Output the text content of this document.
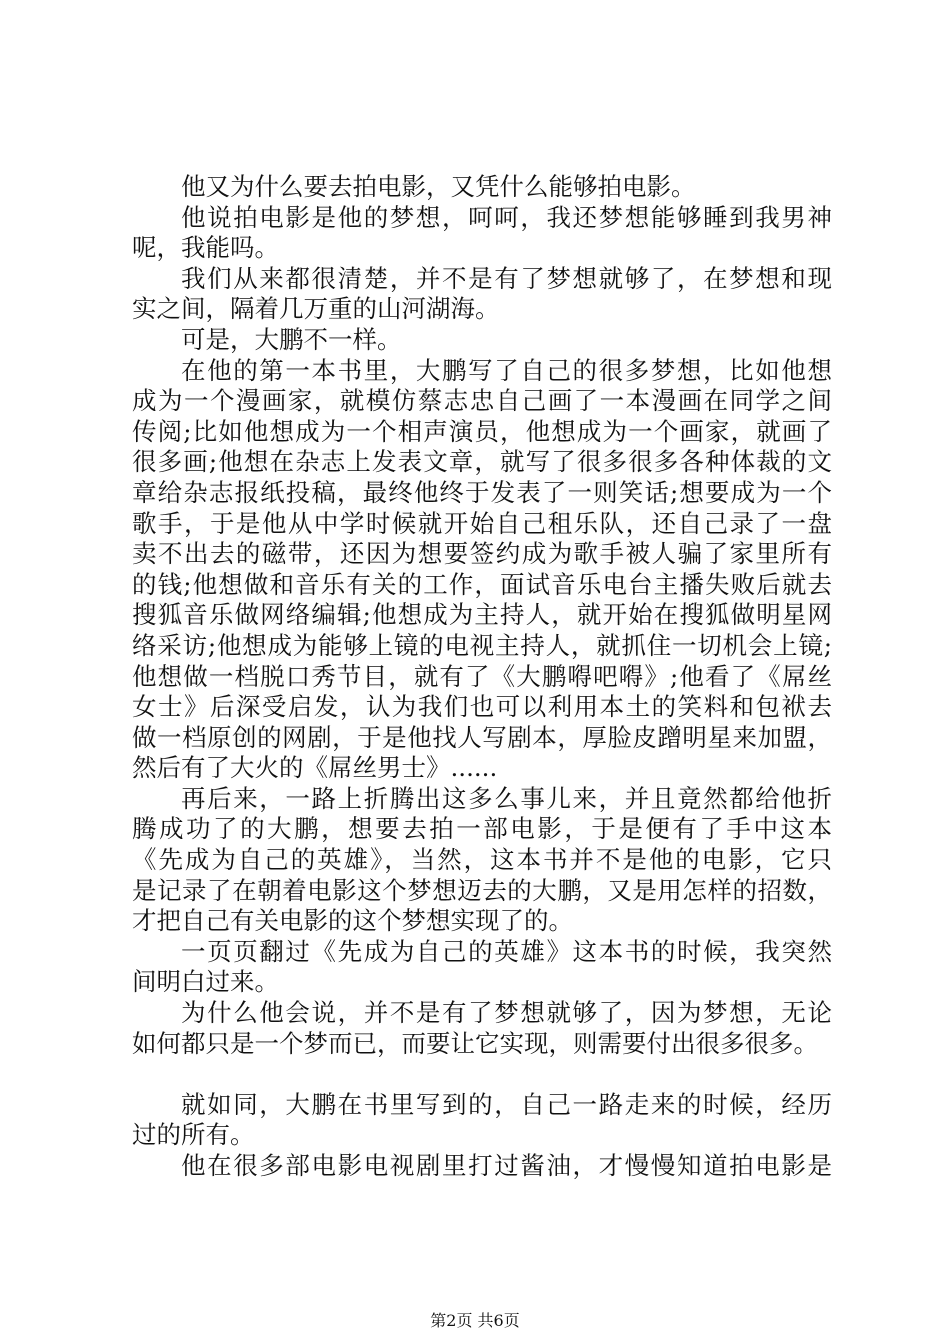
他又为什么要去拍电影，又凭什么能够拍电影。
他说拍电影是他的梦想，呵呵，我还梦想能够睡到我男神
呢，我能吗。
我们从来都很清楚，并不是有了梦想就够了，在梦想和现
实之间，隔着几万重的山河湖海。
可是，大鹏不一样。
在他的第一本书里，大鹏写了自己的很多梦想，比如他想
成为一个漫画家，就模仿蔡志忠自己画了一本漫画在同学之间
传阅;比如他想成为一个相声演员，他想成为一个画家，就画了
很多画;他想在杂志上发表文章，就写了很多很多各种体裁的文
章给杂志报纸投稿，最终他终于发表了一则笑话;想要成为一个
歌手，于是他从中学时候就开始自己租乐队，还自己录了一盘
卖不出去的磁带，还因为想要签约成为歌手被人骗了家里所有
的钱;他想做和音乐有关的工作，面试音乐电台主播失败后就去
搜狐音乐做网络编辑;他想成为主持人，就开始在搜狐做明星网
络采访;他想成为能够上镜的电视主持人，就抓住一切机会上镜;
他想做一档脱口秀节目，就有了《大鹏嘚吧嘚》;他看了《屌丝
女士》后深受启发，认为我们也可以利用本土的笑料和包袱去
做一档原创的网剧，于是他找人写剧本，厚脸皮蹭明星来加盟，
然后有了大火的《屌丝男士》......
再后来，一路上折腾出这多么事儿来，并且竟然都给他折
腾成功了的大鹏，想要去拍一部电影，于是便有了手中这本
《先成为自己的英雄》，当然，这本书并不是他的电影，它只
是记录了在朝着电影这个梦想迈去的大鹏，又是用怎样的招数，
才把自己有关电影的这个梦想实现了的。
一页页翻过《先成为自己的英雄》这本书的时候，我突然
间明白过来。
为什么他会说，并不是有了梦想就够了，因为梦想，无论
如何都只是一个梦而已，而要让它实现，则需要付出很多很多。
就如同，大鹏在书里写到的，自己一路走来的时候，经历
过的所有。
他在很多部电影电视剧里打过酱油，才慢慢知道拍电影是
第2页 共6页
